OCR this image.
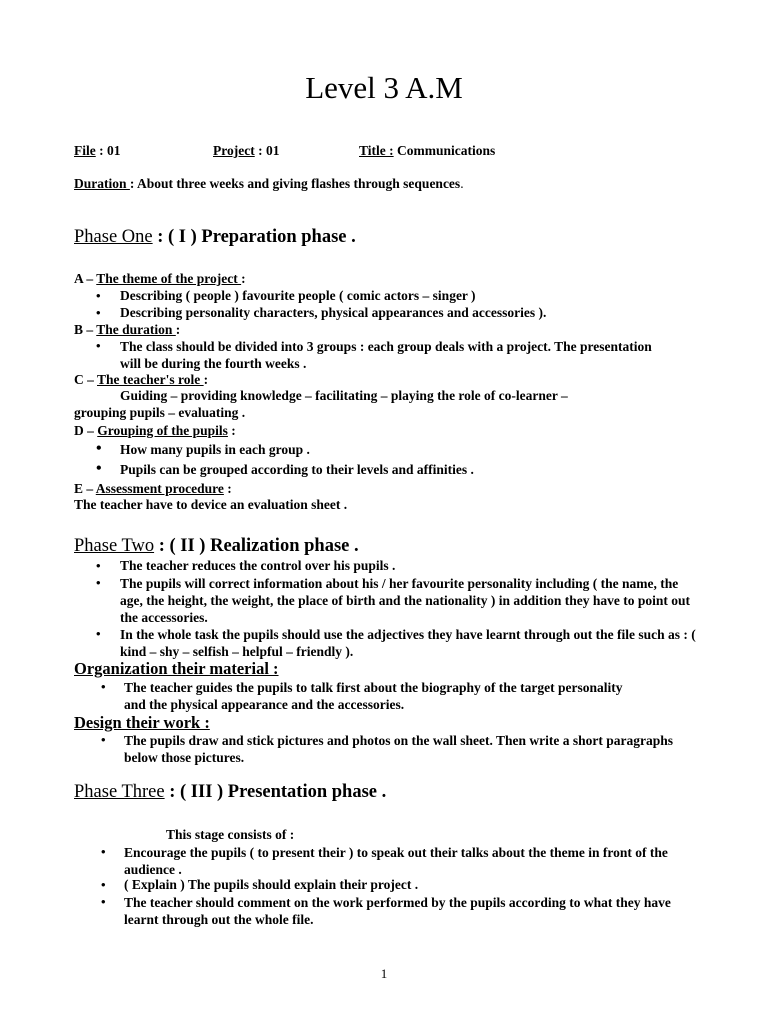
Level 3 A.M
File : 01	Project : 01	Title : Communications
Duration : About three weeks and giving flashes through sequences.
Phase One : ( I ) Preparation phase .
A – The theme of the project :
• Describing ( people ) favourite people ( comic actors – singer )
• Describing personality characters, physical appearances and accessories ).
B – The duration :
• The class should be divided into 3 groups : each group deals with a project. The presentation will be during the fourth weeks .
C – The teacher's role :
Guiding – providing knowledge – facilitating – playing the role of co-learner –
grouping pupils – evaluating .
D – Grouping of the pupils :
• How many pupils in each group .
• Pupils can be grouped according to their levels and affinities .
E – Assessment procedure :
The teacher have to device an evaluation sheet .
Phase Two : ( II ) Realization phase .
• The teacher reduces the control over his pupils .
• The pupils will correct information about his / her favourite personality including ( the name, the age, the height, the weight, the place of birth and the nationality ) in addition they have to point out the accessories.
• In the whole task the pupils should use the adjectives they have learnt through out the file such as : ( kind – shy – selfish – helpful – friendly ).
Organization their material :
• The teacher guides the pupils to talk first about the biography of the target personality and the physical appearance and the accessories.
Design their work :
• The pupils draw and stick pictures and photos on the wall sheet. Then write a short paragraphs below those pictures.
Phase Three : ( III ) Presentation phase .
This stage consists of :
• Encourage the pupils ( to present their ) to speak out their talks about the theme in front of the audience .
• ( Explain ) The pupils should explain their project .
• The teacher should comment on the work performed by the pupils according to what they have learnt through out the whole file.
1
